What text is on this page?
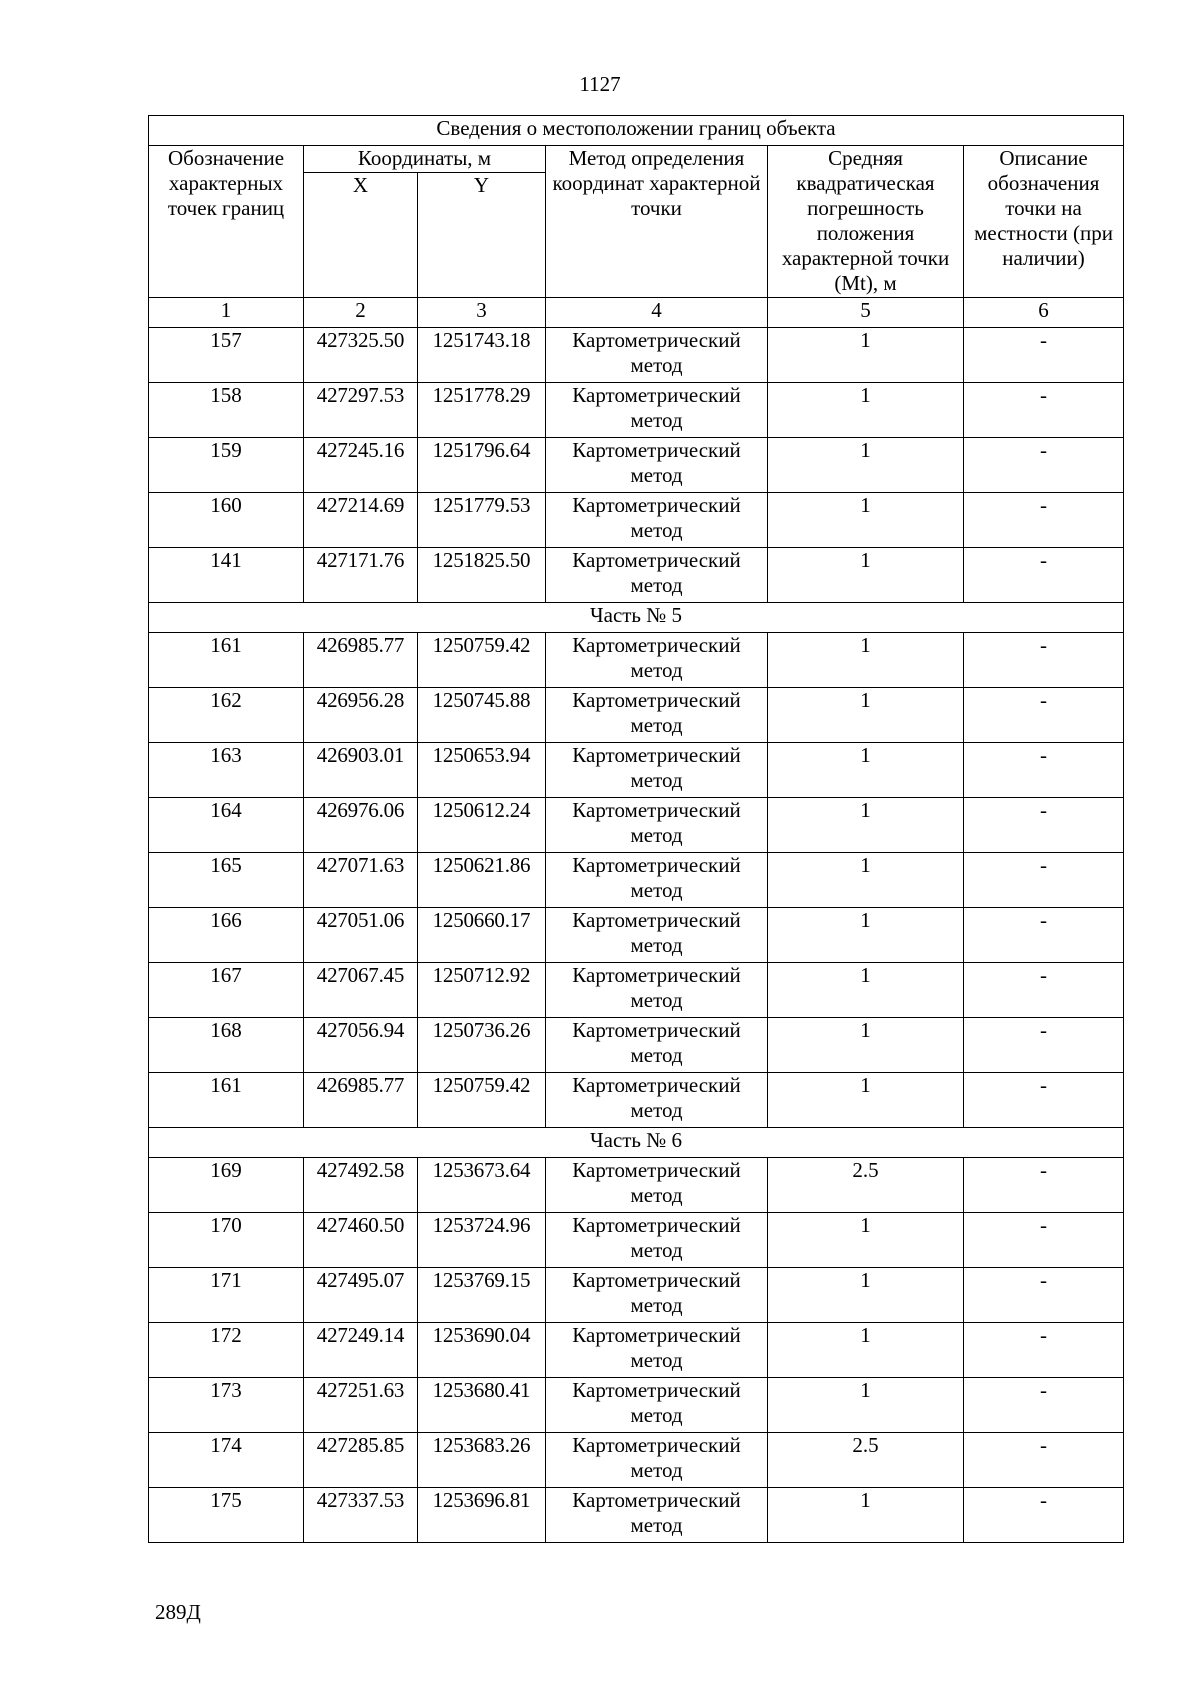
1127
Сведения о местоположении границ объекта					
Обозначение характерных точек границ	Координаты, м		Метод определения координат характерной точки	Средняя квадратическая погрешность положения характерной точки (Mt), м	Описание обозначения точки на местности (при наличии)
	X	Y			
1	2	3	4	5	6
157	427325.50	1251743.18	Картометрический метод	1	-
158	427297.53	1251778.29	Картометрический метод	1	-
159	427245.16	1251796.64	Картометрический метод	1	-
160	427214.69	1251779.53	Картометрический метод	1	-
141	427171.76	1251825.50	Картометрический метод	1	-
Часть № 5					
161	426985.77	1250759.42	Картометрический метод	1	-
162	426956.28	1250745.88	Картометрический метод	1	-
163	426903.01	1250653.94	Картометрический метод	1	-
164	426976.06	1250612.24	Картометрический метод	1	-
165	427071.63	1250621.86	Картометрический метод	1	-
166	427051.06	1250660.17	Картометрический метод	1	-
167	427067.45	1250712.92	Картометрический метод	1	-
168	427056.94	1250736.26	Картометрический метод	1	-
161	426985.77	1250759.42	Картометрический метод	1	-
Часть № 6					
169	427492.58	1253673.64	Картометрический метод	2.5	-
170	427460.50	1253724.96	Картометрический метод	1	-
171	427495.07	1253769.15	Картометрический метод	1	-
172	427249.14	1253690.04	Картометрический метод	1	-
173	427251.63	1253680.41	Картометрический метод	1	-
174	427285.85	1253683.26	Картометрический метод	2.5	-
175	427337.53	1253696.81	Картометрический метод	1	-
289Д
